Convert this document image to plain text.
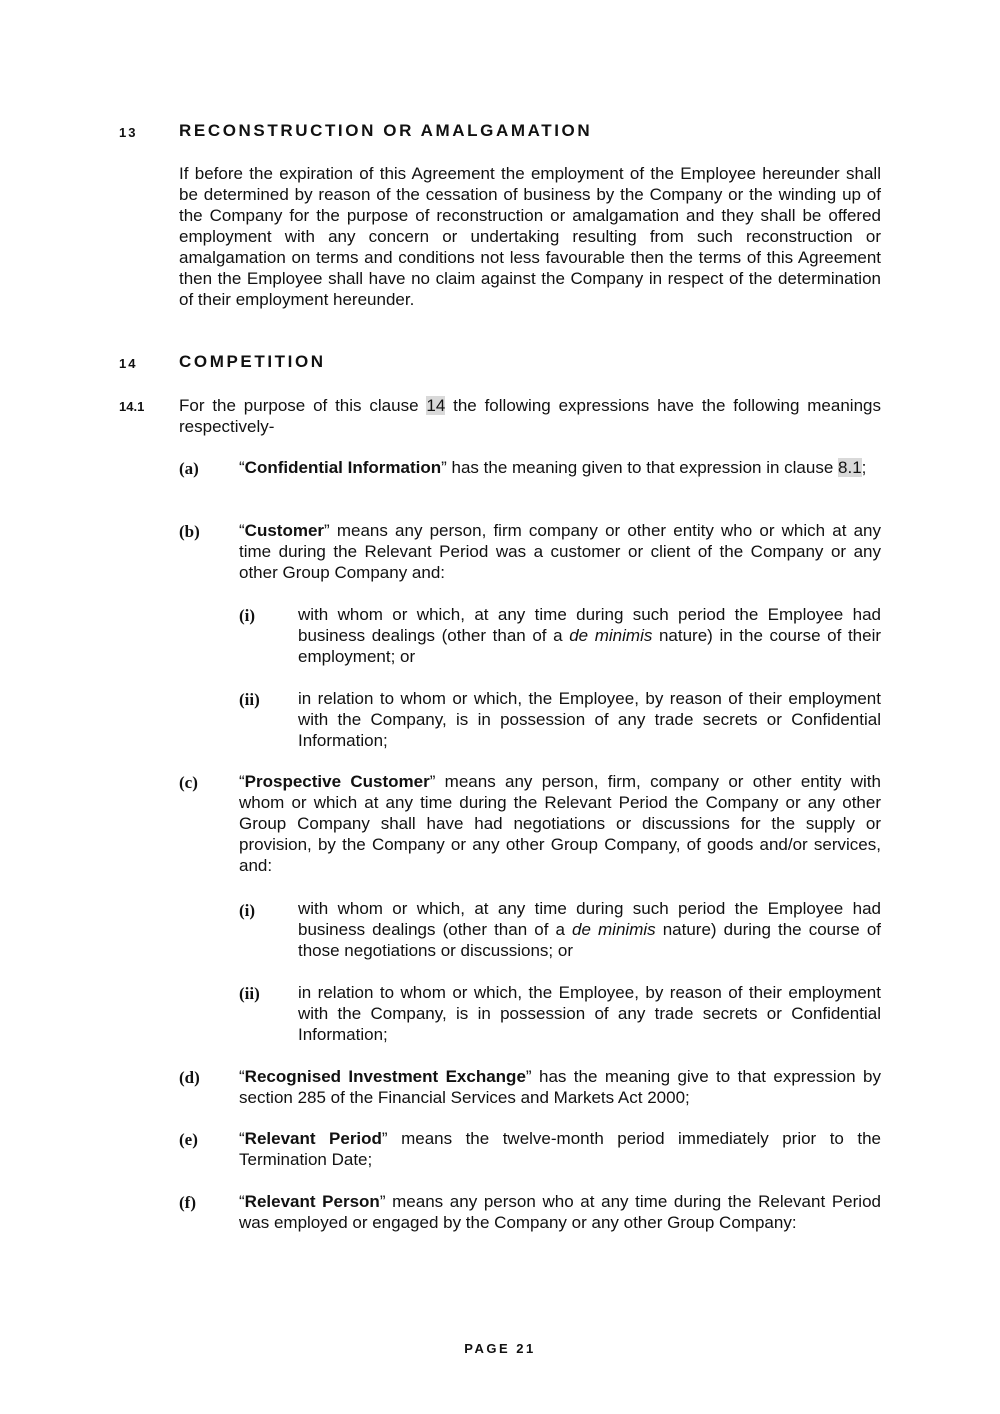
13 RECONSTRUCTION OR AMALGAMATION
If before the expiration of this Agreement the employment of the Employee hereunder shall be determined by reason of the cessation of business by the Company or the winding up of the Company for the purpose of reconstruction or amalgamation and they shall be offered employment with any concern or undertaking resulting from such reconstruction or amalgamation on terms and conditions not less favourable then the terms of this Agreement then the Employee shall have no claim against the Company in respect of the determination of their employment hereunder.
14 COMPETITION
14.1 For the purpose of this clause 14 the following expressions have the following meanings respectively-
(a) “Confidential Information” has the meaning given to that expression in clause 8.1;
(b) “Customer” means any person, firm company or other entity who or which at any time during the Relevant Period was a customer or client of the Company or any other Group Company and:
(i)	with whom or which, at any time during such period the Employee had business dealings (other than of a de minimis nature) in the course of their employment; or
(ii) in relation to whom or which, the Employee, by reason of their employment with the Company, is in possession of any trade secrets or Confidential Information;
(c) “Prospective Customer” means any person, firm, company or other entity with whom or which at any time during the Relevant Period the Company or any other Group Company shall have had negotiations or discussions for the supply or provision, by the Company or any other Group Company, of goods and/or services, and:
(i)	with whom or which, at any time during such period the Employee had business dealings (other than of a de minimis nature) during the course of those negotiations or discussions; or
(ii) in relation to whom or which, the Employee, by reason of their employment with the Company, is in possession of any trade secrets or Confidential Information;
(d) “Recognised Investment Exchange” has the meaning give to that expression by section 285 of the Financial Services and Markets Act 2000;
(e) “Relevant Period” means the twelve-month period immediately prior to the Termination Date;
(f)	“Relevant Person” means any person who at any time during the Relevant Period was employed or engaged by the Company or any other Group Company:
PAGE 21
